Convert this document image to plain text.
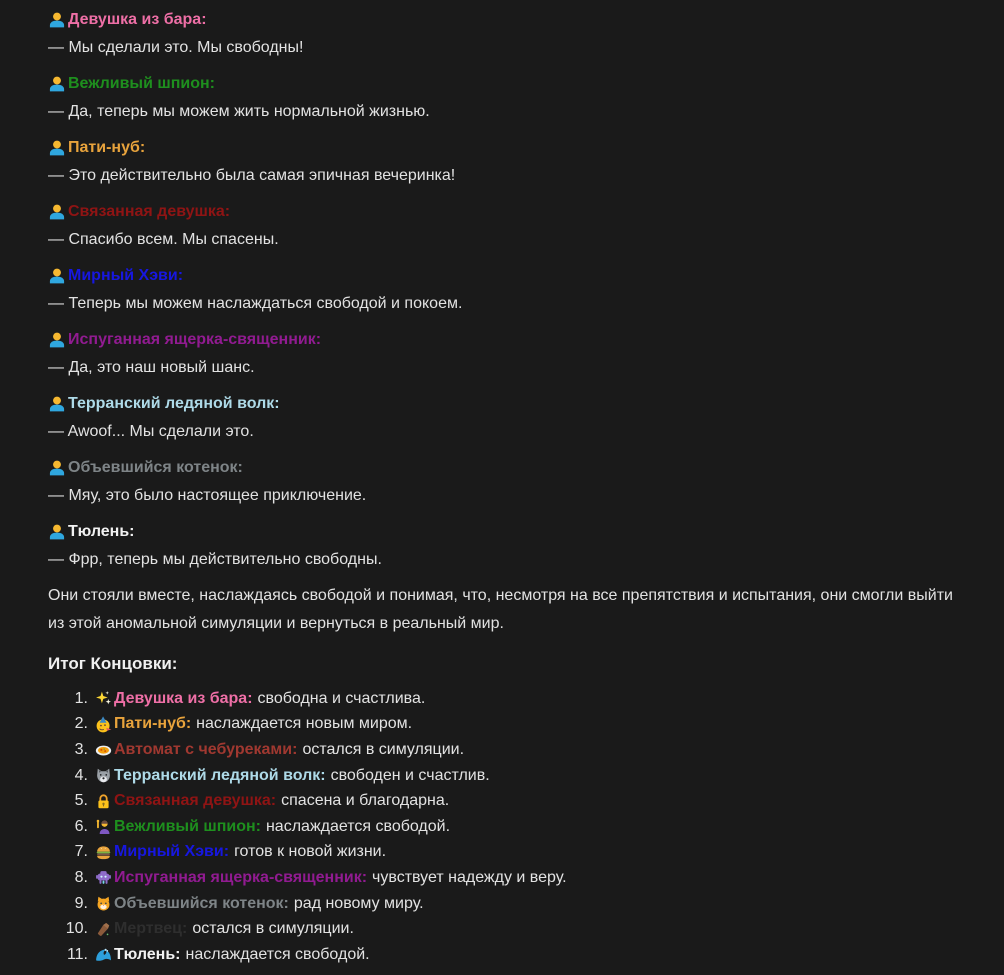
Девушка из бара:
— Мы сделали это. Мы свободны!
Вежливый шпион:
— Да, теперь мы можем жить нормальной жизнью.
Пати-нуб:
— Это действительно была самая эпичная вечеринка!
Связанная девушка:
— Спасибо всем. Мы спасены.
Мирный Хэви:
— Теперь мы можем наслаждаться свободой и покоем.
Испуганная ящерка-священник:
— Да, это наш новый шанс.
Терранский ледяной волк:
— Awoof... Мы сделали это.
Объевшийся котенок:
— Мяу, это было настоящее приключение.
Тюлень:
— Фрр, теперь мы действительно свободны.

Они стояли вместе, наслаждаясь свободой и понимая, что, несмотря на все препятствия и испытания, они смогли выйти из этой аномальной симуляции и вернуться в реальный мир.

Итог Концовки:
1. Девушка из бара: свободна и счастлива.
2. Пати-нуб: наслаждается новым миром.
3. Автомат с чебуреками: остался в симуляции.
4. Терранский ледяной волк: свободен и счастлив.
5. Связанная девушка: спасена и благодарна.
6. Вежливый шпион: наслаждается свободой.
7. Мирный Хэви: готов к новой жизни.
8. Испуганная ящерка-священник: чувствует надежду и веру.
9. Объевшийся котенок: рад новому миру.
10. Мертвец: остался в симуляции.
11. Тюлень: наслаждается свободой.
